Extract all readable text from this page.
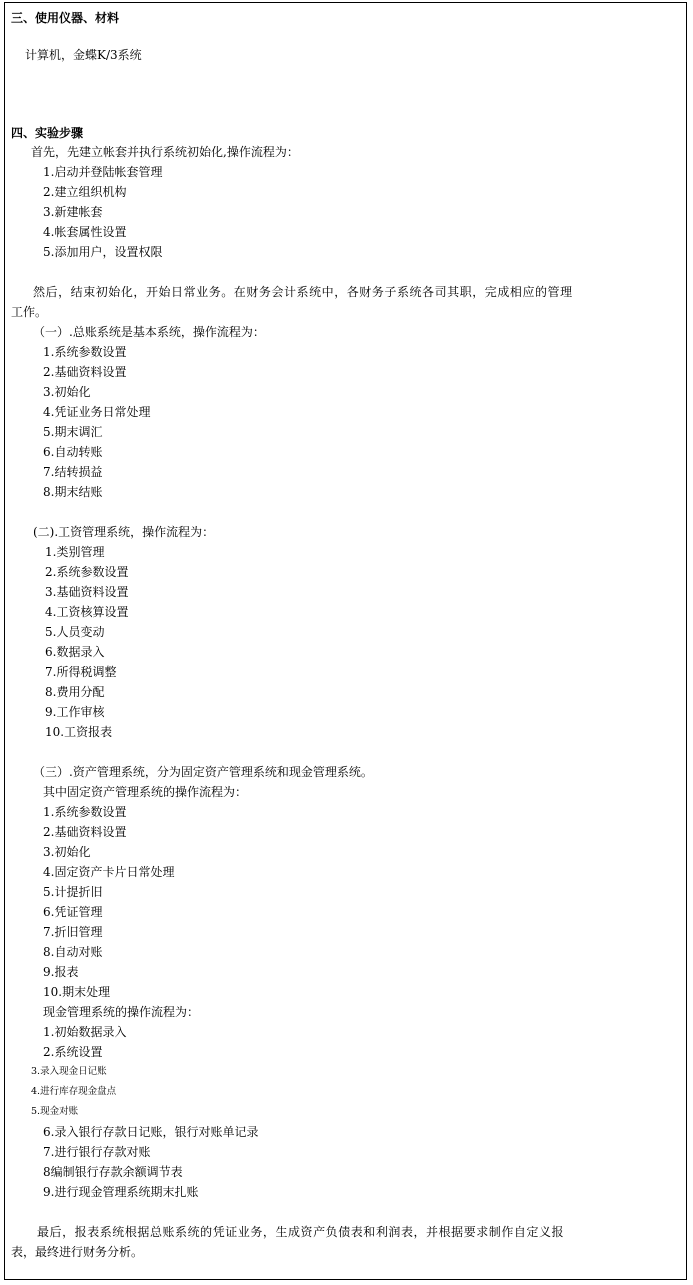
三、使用仪器、材料
计算机，金蝶K/3系统
四、实验步骤
首先，先建立帐套并执行系统初始化,操作流程为：
1.启动并登陆帐套管理
2.建立组织机构
3.新建帐套
4.帐套属性设置
5.添加用户，设置权限
然后，结束初始化，开始日常业务。在财务会计系统中，各财务子系统各司其职，完成相应的管理
工作。
（一）.总账系统是基本系统，操作流程为：
1.系统参数设置
2.基础资料设置
3.初始化
4.凭证业务日常处理
5.期末调汇
6.自动转账
7.结转损益
8.期末结账
(二).工资管理系统，操作流程为：
1.类别管理
2.系统参数设置
3.基础资料设置
4.工资核算设置
5.人员变动
6.数据录入
7.所得税调整
8.费用分配
9.工作审核
10.工资报表
（三）.资产管理系统，分为固定资产管理系统和现金管理系统。
其中固定资产管理系统的操作流程为：
1.系统参数设置
2.基础资料设置
3.初始化
4.固定资产卡片日常处理
5.计提折旧
6.凭证管理
7.折旧管理
8.自动对账
9.报表
10.期末处理
现金管理系统的操作流程为：
1.初始数据录入
2.系统设置
3.录入现金日记账
4.进行库存现金盘点
5.现金对账
6.录入银行存款日记账，银行对账单记录
7.进行银行存款对账
8编制银行存款余额调节表
9.进行现金管理系统期末扎账
最后，报表系统根据总账系统的凭证业务，生成资产负债表和利润表，并根据要求制作自定义报
表，最终进行财务分析。
